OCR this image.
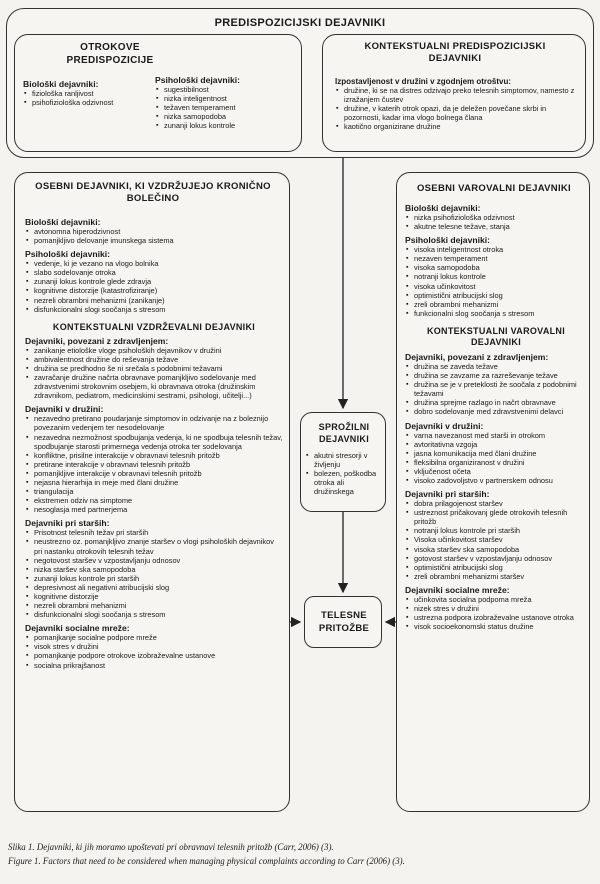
PREDISPOZICIJSKI DEJAVNIKI
OTROKOVE PREDISPOZICIJE
Biološki dejavniki:
▪ fiziološka ranljivost
▪ psihofiziološka odzivnost
Psihološki dejavniki:
▪ sugestibilnost
▪ nizka inteligentnost
▪ težaven temperament
▪ nizka samopodoba
▪ zunanji lokus kontrole
KONTEKSTUALNI PREDISPOZICIJSKI DEJAVNIKI
Izpostavljenost v družini v zgodnjem otroštvu:
▪ družine, ki se na distres odzivajo preko telesnih simptomov, namesto z izražanjem čustev
▪ družine, v katerih otrok opazi, da je deležen povečane skrbi in pozornosti, kadar ima vlogo bolnega člana
▪ kaotično organizirane družine
OSEBNI DEJAVNIKI, KI VZDRŽUJEJO KRONIČNO BOLEČINO
Biološki dejavniki:
▪ avtonomna hiperodzivnost
▪ pomanjkljivo delovanje imunskega sistema
Psihološki dejavniki:
▪ vedenje, ki je vezano na vlogo bolnika
▪ slabo sodelovanje otroka
▪ zunanji lokus kontrole glede zdravja
▪ kognitivne distorzije (katastrofiziranje)
▪ nezreli obrambni mehanizmi (zanikanje)
▪ disfunkcionalni slogi soočanja s stresom
KONTEKSTUALNI VZDRŽEVALNI DEJAVNIKI
Dejavniki, povezani z zdravljenjem:
▪ zanikanje etiološke vloge psiholoških dejavnikov v družini
▪ ambivalentnost družine do reševanja težave
▪ družina se predhodno še ni srečala s podobnimi težavami
▪ zavračanje družine načrta obravnave pomanjkljivo sodelovanje med zdravstvenimi strokovnim osebjem, ki obravnava otroka (družinskim zdravnikom, pediatrom, medicinskimi sestrami, psihologi, učitelji...)
Dejavniki v družini:
▪ nezavedno pretirano poudarjanje simptomov in odzivanje na z boleznijo povezanim vedenjem ter nesodelovanje
▪ nezavedna nezmožnost spodbujanja vedenja, ki ne spodbuja telesnih težav, spodbujanje starosti primernega vedenja otroka ter sodelovanja
▪ konfliktne, prisilne interakcije v obravnavi telesnih pritožb
▪ pretirane interakcije v obravnavi telesnih pritožb
▪ pomanjkljive interakcije v obravnavi telesnih pritožb
▪ nejasna hierarhija in meje med člani družine
▪ triangulacija
▪ ekstremen odziv na simptome
▪ nesoglasja med partnerjema
Dejavniki pri starših:
▪ Prisotnost telesnih težav pri starših
▪ neustrezno oz. pomanjkljivo znanje staršev o vlogi psiholoških dejavnikov pri nastanku otrokovih telesnih težav
▪ negotovost staršev v vzpostavljanju odnosov
▪ nizka staršev ska samopodoba
▪ zunanji lokus kontrole pri starših
▪ depresivnost ali negativni atribucijski slog
▪ kognitivne distorzije
▪ nezreli obrambni mehanizmi
▪ disfunkcionalni slogi soočanja s stresom
Dejavniki socialne mreže:
▪ pomanjkanje socialne podpore mreže
▪ visok stres v družini
▪ pomanjkanje podpore otrokove izobraževalne ustanove
▪ socialna prikrajšanost
OSEBNI VAROVALNI DEJAVNIKI
Biološki dejavniki:
▪ nizka psihofiziološka odzivnost
▪ akutne telesne težave, stanja
Psihološki dejavniki:
▪ visoka inteligentnost otroka
▪ nezaven temperament
▪ visoka samopodoba
▪ notranji lokus kontrole
▪ visoka učinkovitost
▪ optimistični atribucijski slog
▪ zreli obrambni mehanizmi
▪ funkcionalni slog soočanja s stresom
KONTEKSTUALNI VAROVALNI DEJAVNIKI
Dejavniki, povezani z zdravljenjem:
▪ družina se zaveda težave
▪ družina se zavzame za razreševanje težave
▪ družina se je v preteklosti že soočala z podobnimi težavami
▪ družina sprejme razlago in načrt obravnave
▪ dobro sodelovanje med zdravstvenimi delavci
Dejavniki v družini:
▪ varna navezanost med starši in otrokom
▪ avtoritativna vzgoja
▪ jasna komunikacija med člani družine
▪ fleksibilna organiziranost v družini
▪ vključenost očeta
▪ visoko zadovoljstvo v partnerskem odnosu
Dejavniki pri starših:
▪ dobra prilagojenost staršev
▪ ustreznost pričakovanj glede otrokovih telesnih pritožb
▪ notranji lokus kontrole pri starših
▪ Visoka učinkovitost staršev
▪ visoka staršev ska samopodoba
▪ gotovost staršev v vzpostavljanju odnosov
▪ optimistični atribucijski slog
▪ zreli obrambni mehanizmi staršev
Dejavniki socialne mreže:
▪ učinkovita socialna podpoma mreža
▪ nizek stres v družini
▪ ustrezna podpora izobraževalne ustanove otroka
▪ visok socioekonomski status družine
SPROŽILNI DEJAVNIKI
▪ akutni stresorji v življenju
▪ bolezen, poškodba otroka ali družinskega
TELESNE PRITOŽBE
Slika 1. Dejavniki, ki jih moramo upoštevati pri obravnavi telesnih pritožb (Carr, 2006) (3).
Figure 1. Factors that need to be considered when managing physical complaints according to Carr (2006) (3).
